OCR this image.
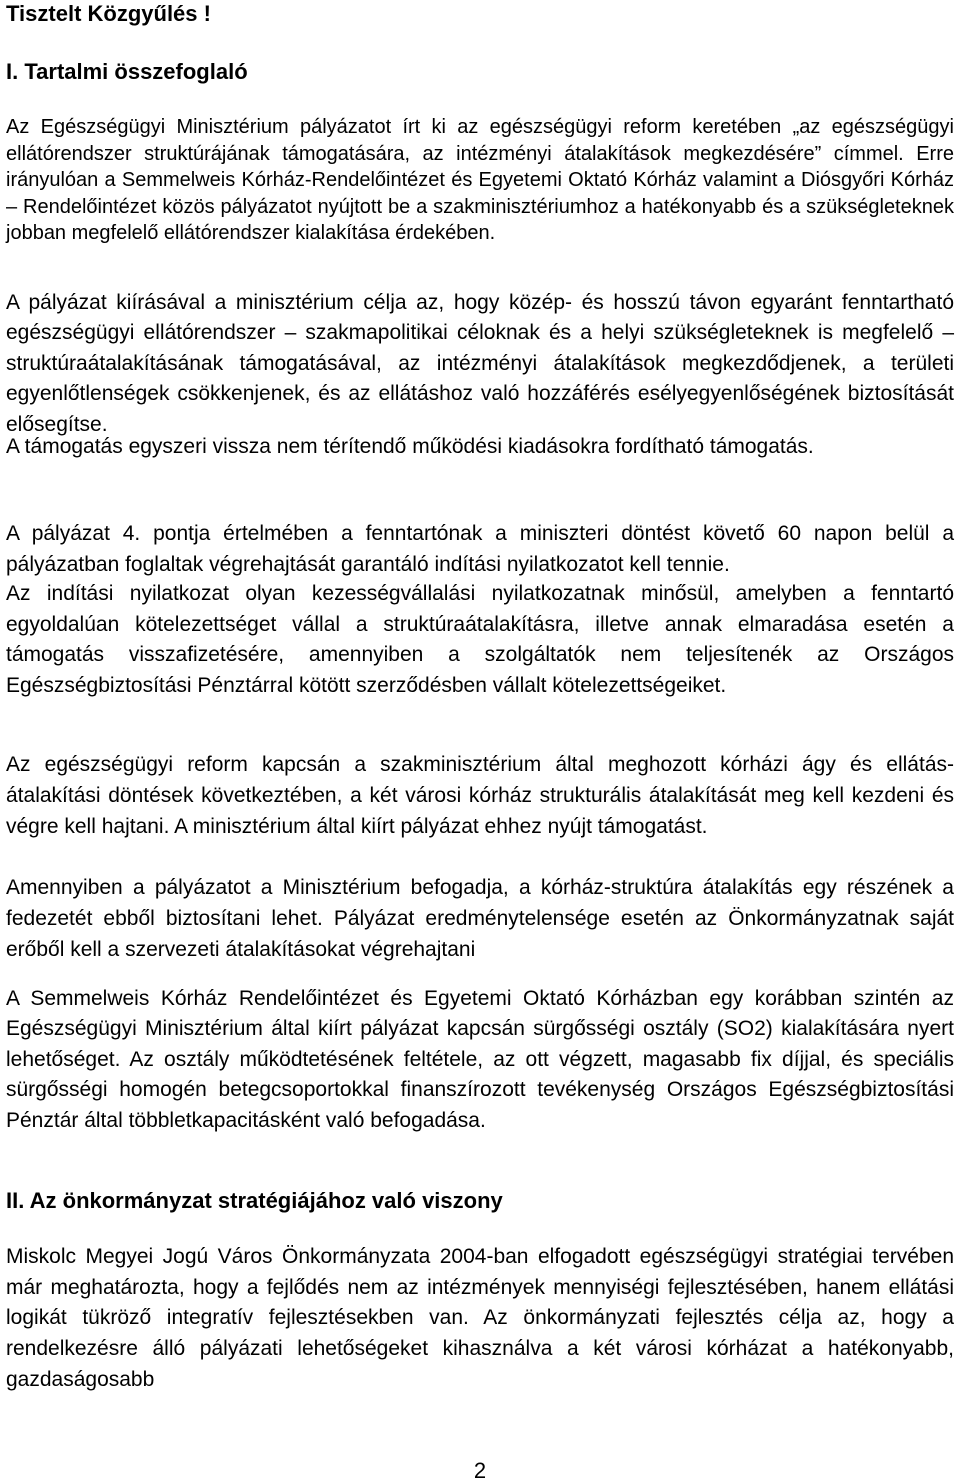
Tisztelt Közgyűlés !

I. Tartalmi összefoglaló

Az Egészségügyi Minisztérium pályázatot írt ki az egészségügyi reform keretében „az egészségügyi ellátórendszer struktúrájának támogatására, az intézményi átalakítások megkezdésére” címmel. Erre irányulóan a Semmelweis Kórház-Rendelőintézet és Egyetemi Oktató Kórház valamint a Diósgyőri Kórház – Rendelőintézet közös pályázatot nyújtott be a szakminisztériumhoz a hatékonyabb és a szükségleteknek jobban megfelelő ellátórendszer kialakítása érdekében.

A pályázat kiírásával a minisztérium célja az, hogy közép- és hosszú távon egyaránt fenntartható egészségügyi ellátórendszer – szakmapolitikai céloknak és a helyi szükségleteknek is megfelelő – struktúraátalakításának támogatásával, az intézményi átalakítások megkezdődjenek, a területi egyenlőtlenségek csökkenjenek, és az ellátáshoz való hozzáférés esélyegyenlőségének biztosítását elősegítse.

A támogatás egyszeri vissza nem térítendő működési kiadásokra fordítható támogatás.

A pályázat 4. pontja értelmében a fenntartónak a miniszteri döntést követő 60 napon belül a pályázatban foglaltak végrehajtását garantáló indítási nyilatkozatot kell tennie.

Az indítási nyilatkozat olyan kezességvállalási nyilatkozatnak minősül, amelyben a fenntartó egyoldalúan kötelezettséget vállal a struktúraátalakításra, illetve annak elmaradása esetén a támogatás visszafizetésére, amennyiben a szolgáltatók nem teljesítenék az Országos Egészségbiztosítási Pénztárral kötött szerződésben vállalt kötelezettségeiket.

Az egészségügyi reform kapcsán a szakminisztérium által meghozott kórházi ágy és ellátás-átalakítási döntések következtében, a két városi kórház strukturális átalakítását meg kell kezdeni és végre kell hajtani. A minisztérium által kiírt pályázat ehhez nyújt támogatást.

Amennyiben a pályázatot a Minisztérium befogadja, a kórház-struktúra átalakítás egy részének a fedezetét ebből biztosítani lehet. Pályázat eredménytelensége esetén az Önkormányzatnak saját erőből kell a szervezeti átalakításokat végrehajtani

A Semmelweis Kórház Rendelőintézet és Egyetemi Oktató Kórházban egy korábban szintén az Egészségügyi Minisztérium által kiírt pályázat kapcsán sürgősségi osztály (SO2) kialakítására nyert lehetőséget. Az osztály működtetésének feltétele, az ott végzett, magasabb fix díjjal, és speciális sürgősségi homogén betegcsoportokkal finanszírozott tevékenység Országos Egészségbiztosítási Pénztár által többletkapacitásként való befogadása.

II. Az önkormányzat stratégiájához való viszony

Miskolc Megyei Jogú Város Önkormányzata 2004-ban elfogadott egészségügyi stratégiai tervében már meghatározta, hogy a fejlődés nem az intézmények mennyiségi fejlesztésében, hanem ellátási logikát tükröző integratív fejlesztésekben van. Az önkormányzati fejlesztés célja az, hogy a rendelkezésre álló pályázati lehetőségeket kihasználva a két városi kórházat a hatékonyabb, gazdaságosabb

2
